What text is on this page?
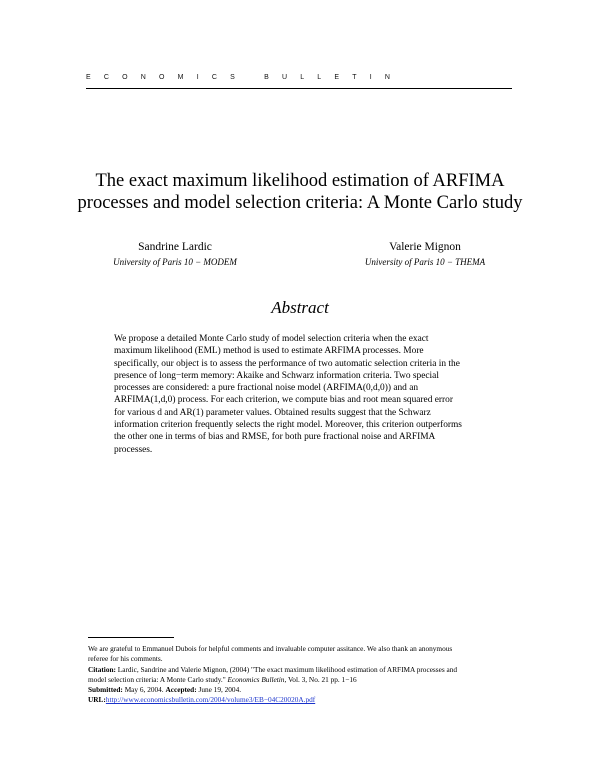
economics bulletin
The exact maximum likelihood estimation of ARFIMA
processes and model selection criteria: A Monte Carlo study
Sandrine Lardic
University of Paris 10 − MODEM
Valerie Mignon
University of Paris 10 − THEMA
Abstract
We propose a detailed Monte Carlo study of model selection criteria when the exact
maximum likelihood (EML) method is used to estimate ARFIMA processes. More
specifically, our object is to assess the performance of two automatic selection criteria in the
presence of long−term memory: Akaike and Schwarz information criteria. Two special
processes are considered: a pure fractional noise model (ARFIMA(0,d,0)) and an
ARFIMA(1,d,0) process. For each criterion, we compute bias and root mean squared error
for various d and AR(1) parameter values. Obtained results suggest that the Schwarz
information criterion frequently selects the right model. Moreover, this criterion outperforms
the other one in terms of bias and RMSE, for both pure fractional noise and ARFIMA
processes.
We are grateful to Emmanuel Dubois for helpful comments and invaluable computer assitance. We also thank an anonymous
referee for his comments.
Citation: Lardic, Sandrine and Valerie Mignon, (2004) "The exact maximum likelihood estimation of ARFIMA processes and
model selection criteria: A Monte Carlo study." Economics Bulletin, Vol. 3, No. 21 pp. 1−16
Submitted: May 6, 2004. Accepted: June 19, 2004.
URL:http://www.economicsbulletin.com/2004/volume3/EB−04C20020A.pdf
